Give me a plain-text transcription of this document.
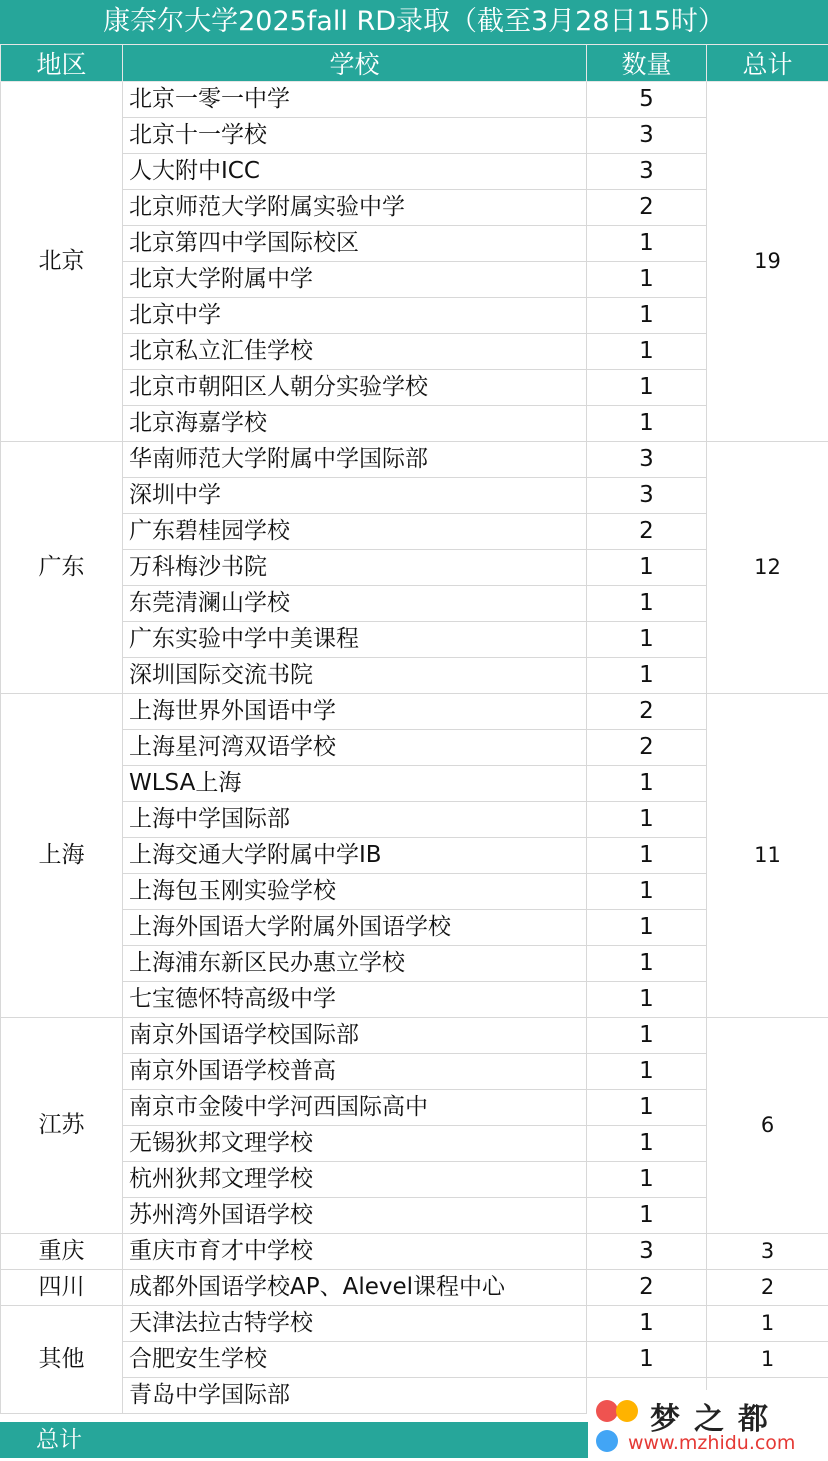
康奈尔大学2025fall RD录取（截至3月28日15时）
地区	学校	数量	总计
北京	北京一零一中学	5	19
	北京十一学校	3	
	人大附中ICC	3	
	北京师范大学附属实验中学	2	
	北京第四中学国际校区	1	
	北京大学附属中学	1	
	北京中学	1	
	北京私立汇佳学校	1	
	北京市朝阳区人朝分实验学校	1	
	北京海嘉学校	1	
广东	华南师范大学附属中学国际部	3	12
	深圳中学	3	
	广东碧桂园学校	2	
	万科梅沙书院	1	
	东莞清澜山学校	1	
	广东实验中学中美课程	1	
	深圳国际交流书院	1	
上海	上海世界外国语中学	2	11
	上海星河湾双语学校	2	
	WLSA上海	1	
	上海中学国际部	1	
	上海交通大学附属中学IB	1	
	上海包玉刚实验学校	1	
	上海外国语大学附属外国语学校	1	
	上海浦东新区民办惠立学校	1	
	七宝德怀特高级中学	1	
江苏	南京外国语学校国际部	1	6
	南京外国语学校普高	1	
	南京市金陵中学河西国际高中	1	
	无锡狄邦文理学校	1	
	杭州狄邦文理学校	1	
	苏州湾外国语学校	1	
重庆	重庆市育才中学校	3	3
四川	成都外国语学校AP、Alevel课程中心	2	2
其他	天津法拉古特学校	1	1
	合肥安生学校	1	1
	青岛中学国际部		
总计
梦之都
www.mzhidu.com
